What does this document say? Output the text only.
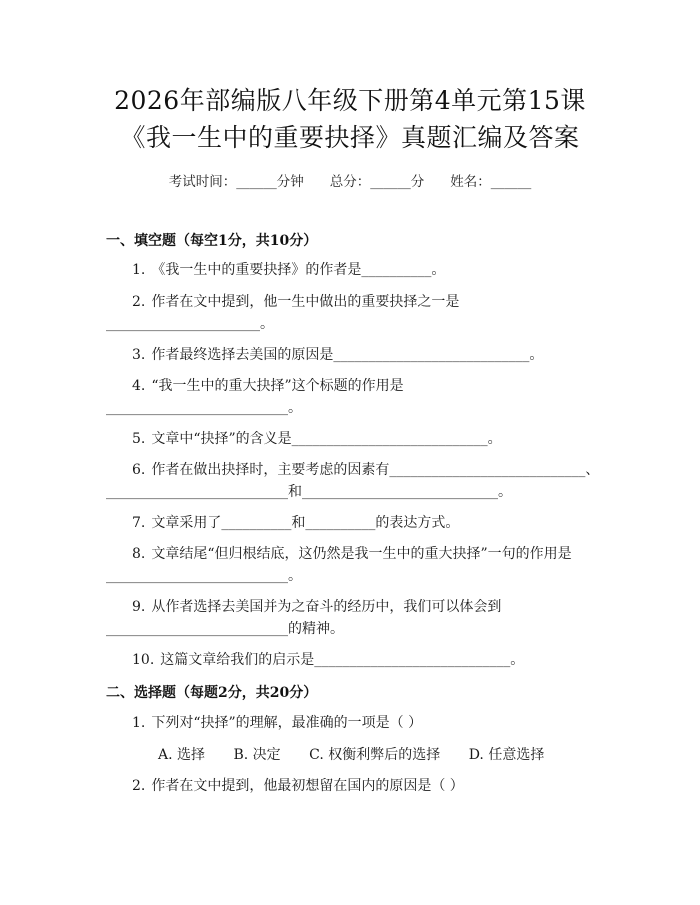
2026年部编版八年级下册第4单元第15课
《我一生中的重要抉择》真题汇编及答案
考试时间：______分钟 总分：______分 姓名：______
一、填空题（每空1分，共10分）
1. 《我一生中的重要抉择》的作者是__________。
2. 作者在文中提到，他一生中做出的重要抉择之一是
______________________。
3. 作者最终选择去美国的原因是____________________________。
4. “我一生中的重大抉择”这个标题的作用是
__________________________。
5. 文章中“抉择”的含义是____________________________。
6. 作者在做出抉择时，主要考虑的因素有____________________________、
__________________________和____________________________。
7. 文章采用了__________和__________的表达方式。
8. 文章结尾“但归根结底，这仍然是我一生中的重大抉择”一句的作用是
__________________________。
9. 从作者选择去美国并为之奋斗的经历中，我们可以体会到
__________________________的精神。
10. 这篇文章给我们的启示是____________________________。
二、选择题（每题2分，共20分）
1. 下列对“抉择”的理解，最准确的一项是（ ）
A. 选择 B. 决定 C. 权衡利弊后的选择 D. 任意选择
2. 作者在文中提到，他最初想留在国内的原因是（ ）
